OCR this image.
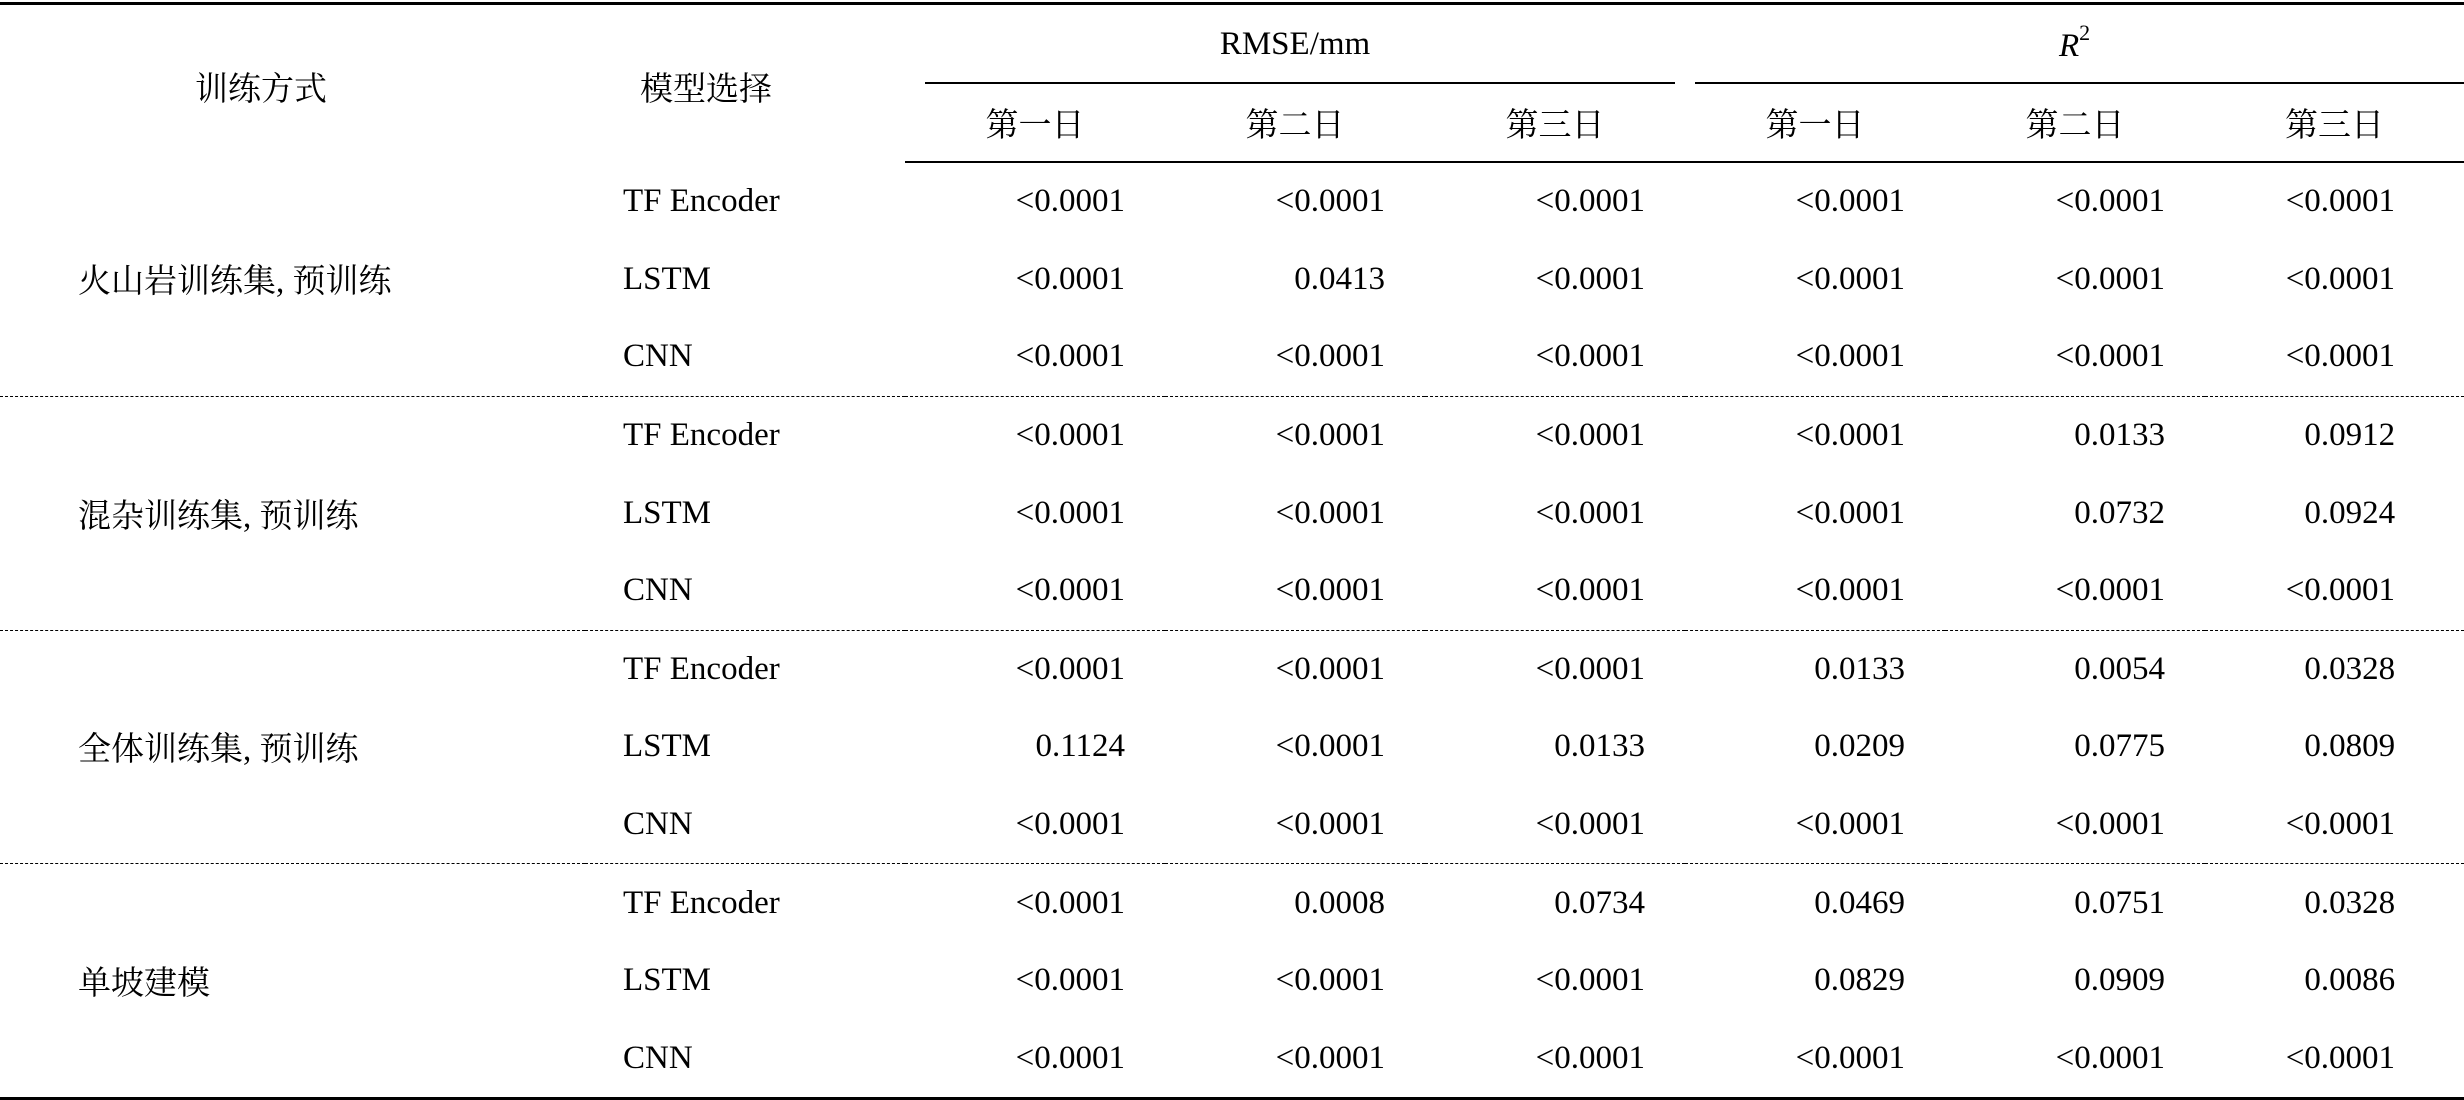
训练方式	模型选择	RMSE/mm			$R^2$

		第一日	第二日	第三日	第一日	第二日	第三日
火山岩训练集, 预训练	TF Encoder	<0.0001	<0.0001	<0.0001	<0.0001	<0.0001	<0.0001
	LSTM	<0.0001	0.0413	<0.0001	<0.0001	<0.0001	<0.0001
	CNN	<0.0001	<0.0001	<0.0001	<0.0001	<0.0001	<0.0001
混杂训练集, 预训练	TF Encoder	<0.0001	<0.0001	<0.0001	<0.0001	0.0133	0.0912
	LSTM	<0.0001	<0.0001	<0.0001	<0.0001	0.0732	0.0924
	CNN	<0.0001	<0.0001	<0.0001	<0.0001	<0.0001	<0.0001
全体训练集, 预训练	TF Encoder	<0.0001	<0.0001	<0.0001	0.0133	0.0054	0.0328
	LSTM	0.1124	<0.0001	0.0133	0.0209	0.0775	0.0809
	CNN	<0.0001	<0.0001	<0.0001	<0.0001	<0.0001	<0.0001
单坡建模	TF Encoder	<0.0001	0.0008	0.0734	0.0469	0.0751	0.0328
	LSTM	<0.0001	<0.0001	<0.0001	0.0829	0.0909	0.0086
	CNN	<0.0001	<0.0001	<0.0001	<0.0001	<0.0001	<0.0001
